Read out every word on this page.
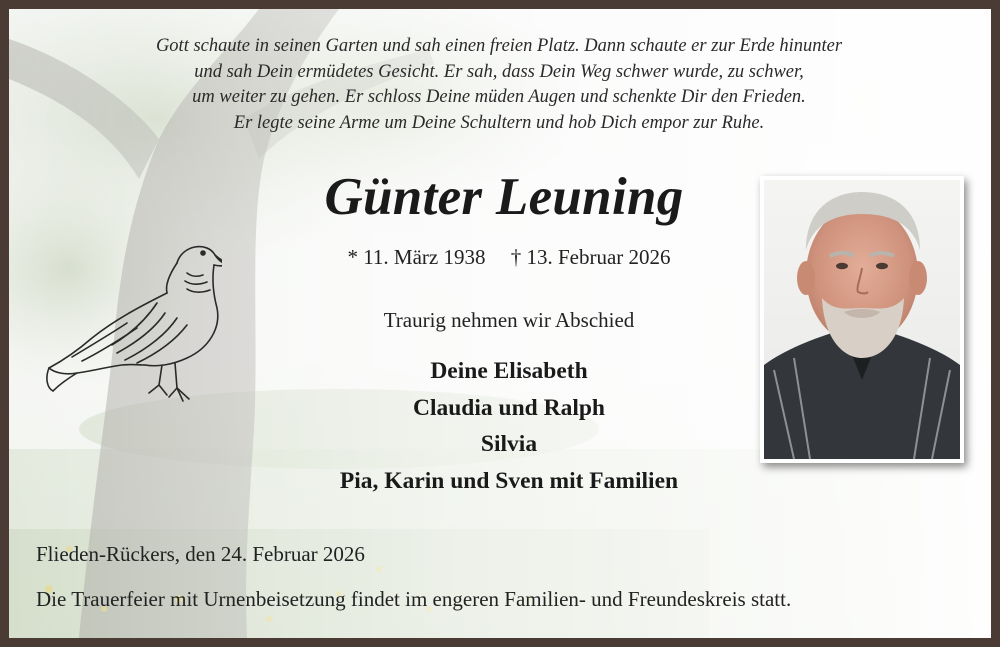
Gott schaute in seinen Garten und sah einen freien Platz. Dann schaute er zur Erde hinunter
und sah Dein ermüdetes Gesicht. Er sah, dass Dein Weg schwer wurde, zu schwer,
um weiter zu gehen. Er schloss Deine müden Augen und schenkte Dir den Frieden.
Er legte seine Arme um Deine Schultern und hob Dich empor zur Ruhe.
Günter Leuning
* 11. März 1938 † 13. Februar 2026
Traurig nehmen wir Abschied
Deine Elisabeth
Claudia und Ralph
Silvia
Pia, Karin und Sven mit Familien
Flieden-Rückers, den 24. Februar 2026
Die Trauerfeier mit Urnenbeisetzung findet im engeren Familien- und Freundeskreis statt.
